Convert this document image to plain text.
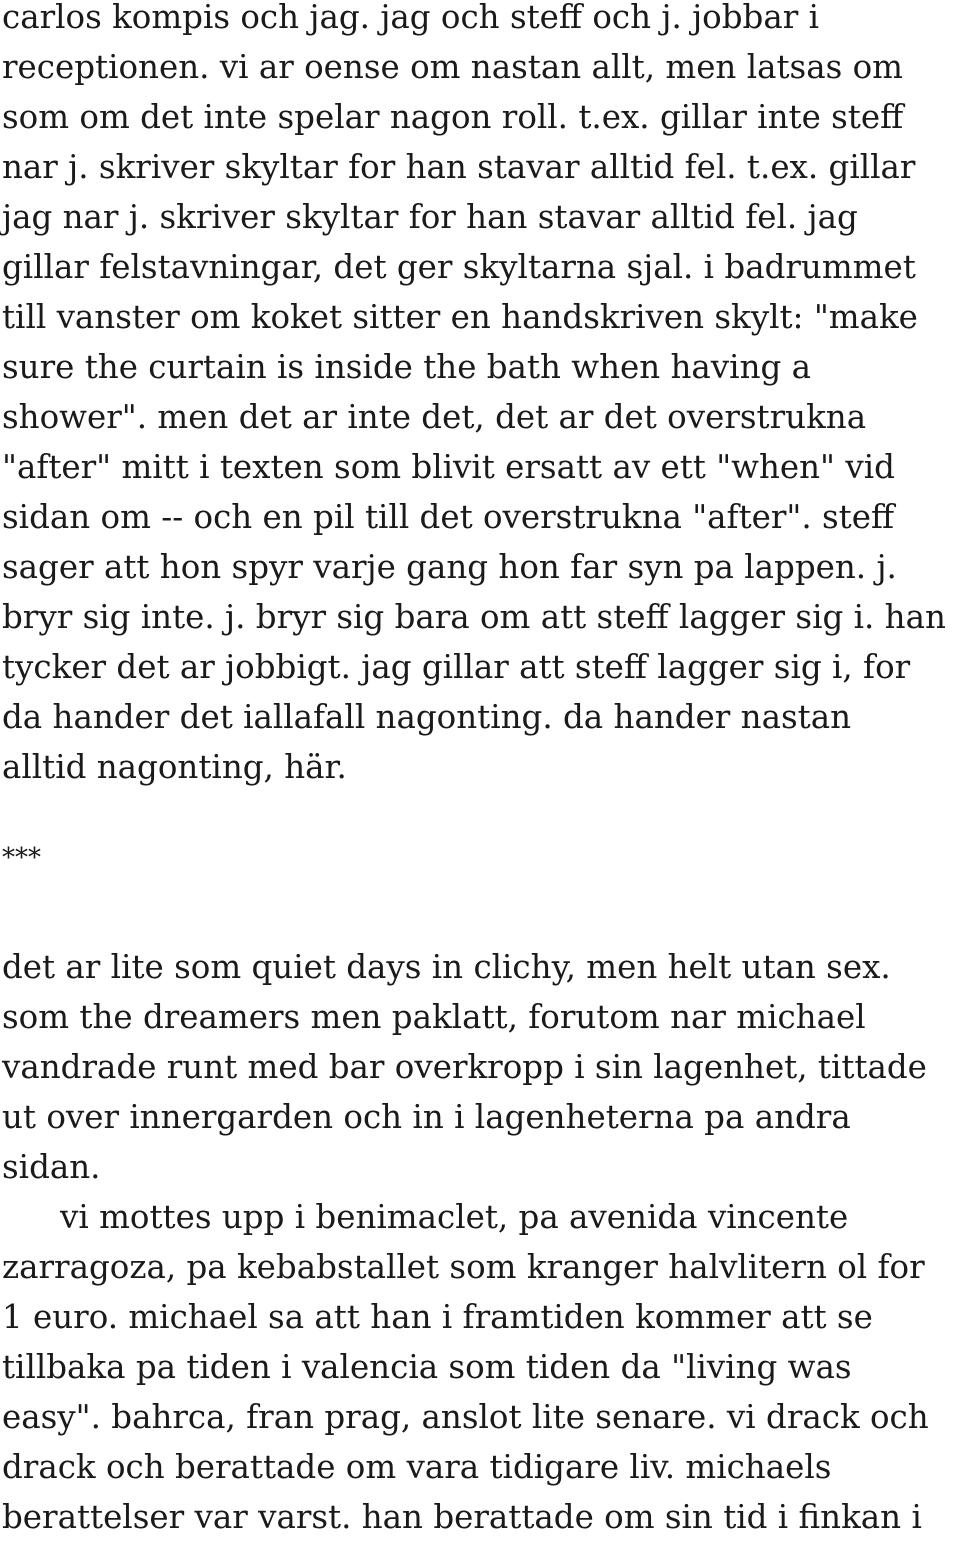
carlos kompis och jag. jag och steff och j. jobbar i
receptionen. vi ar oense om nastan allt, men latsas om
som om det inte spelar nagon roll. t.ex. gillar inte steff
nar j. skriver skyltar for han stavar alltid fel. t.ex. gillar
jag nar j. skriver skyltar for han stavar alltid fel. jag
gillar felstavningar, det ger skyltarna sjal. i badrummet
till vanster om koket sitter en handskriven skylt: "make
sure the curtain is inside the bath when having a
shower". men det ar inte det, det ar det overstrukna
"after" mitt i texten som blivit ersatt av ett "when" vid
sidan om -- och en pil till det overstrukna "after". steff
sager att hon spyr varje gang hon far syn pa lappen. j.
bryr sig inte. j. bryr sig bara om att steff lagger sig i. han
tycker det ar jobbigt. jag gillar att steff lagger sig i, for
da hander det iallafall nagonting. da hander nastan
alltid nagonting, här.
***
det ar lite som quiet days in clichy, men helt utan sex.
som the dreamers men paklatt, forutom nar michael
vandrade runt med bar overkropp i sin lagenhet, tittade
ut over innergarden och in i lagenheterna pa andra
sidan.
vi mottes upp i benimaclet, pa avenida vincente
zarragoza, pa kebabstallet som kranger halvlitern ol for
1 euro. michael sa att han i framtiden kommer att se
tillbaka pa tiden i valencia som tiden da "living was
easy". bahrca, fran prag, anslot lite senare. vi drack och
drack och berattade om vara tidigare liv. michaels
berattelser var varst. han berattade om sin tid i finkan i
